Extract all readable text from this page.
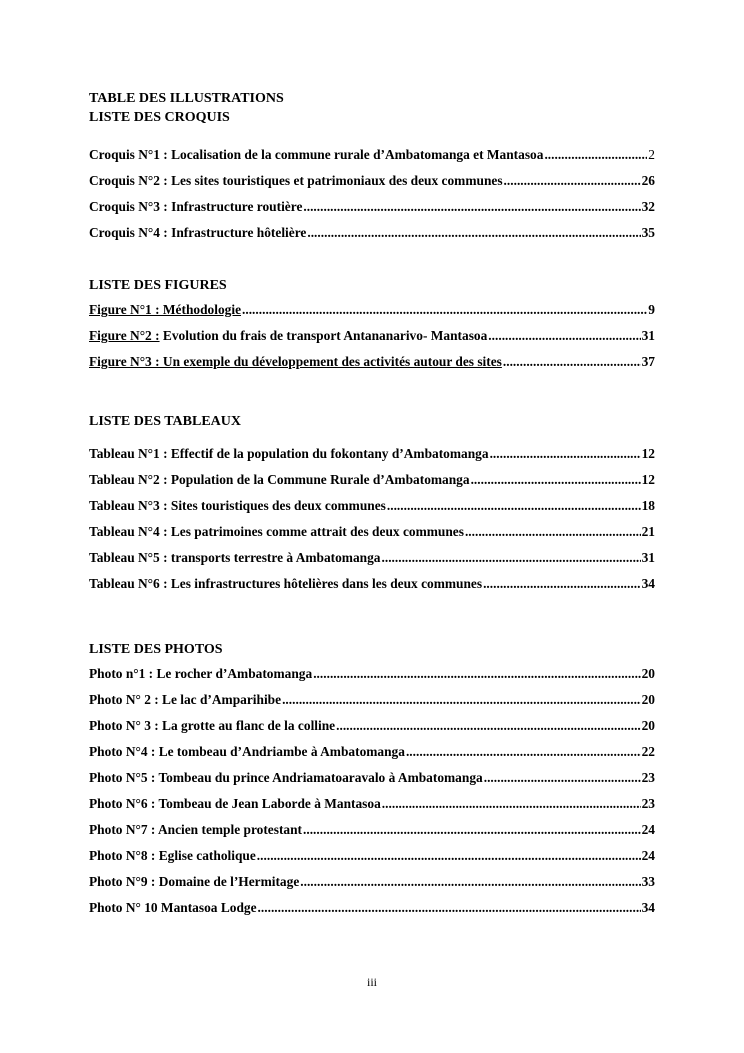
TABLE DES ILLUSTRATIONS
LISTE DES CROQUIS
Croquis N°1 : Localisation de la commune rurale d’Ambatomanga et Mantasoa .....	2
Croquis N°2 : Les sites touristiques et patrimoniaux des deux communes .....	26
Croquis N°3 : Infrastructure routière .....	32
Croquis N°4 : Infrastructure hôtelière .....	35
LISTE DES FIGURES
Figure N°1 : Méthodologie .....	9
Figure N°2 : Evolution du frais de transport Antananarivo- Mantasoa .....	31
Figure N°3 : Un exemple du développement des activités autour des sites .....	37
LISTE DES TABLEAUX
Tableau N°1 : Effectif de la population du fokontany d’Ambatomanga .....	12
Tableau N°2 : Population de la Commune Rurale d’Ambatomanga .....	12
Tableau N°3 : Sites touristiques des deux communes .....	18
Tableau N°4 : Les patrimoines comme attrait des deux communes .....	21
Tableau N°5 : transports terrestre à Ambatomanga .....	31
Tableau N°6 : Les infrastructures hôtelières dans les deux communes .....	34
LISTE DES PHOTOS
Photo n°1 : Le rocher d’Ambatomanga .....	20
Photo N° 2 : Le lac d’Amparihibe .....	20
Photo N° 3 : La grotte au flanc de la colline .....	20
Photo N°4 : Le tombeau d’Andriambe à Ambatomanga .....	22
Photo N°5 : Tombeau du prince Andriamatoaravalo à Ambatomanga .....	23
Photo N°6 : Tombeau de Jean Laborde à Mantasoa .....	23
Photo N°7 : Ancien temple protestant .....	24
Photo N°8 : Eglise catholique .....	24
Photo N°9 : Domaine de l’Hermitage .....	33
Photo N° 10 Mantasoa Lodge .....	34
iii
